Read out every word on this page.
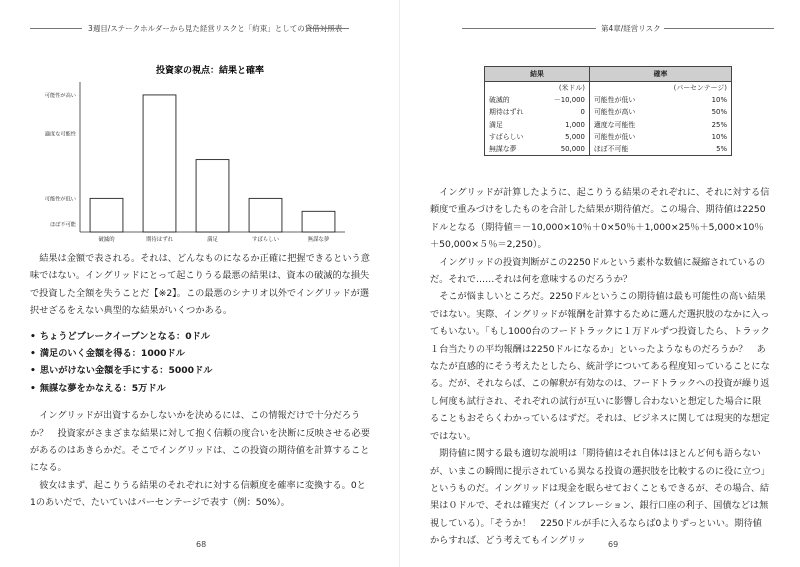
3週目/ステークホルダーから見た経営リスクと「約束」としての貸借対照表
投資家の視点：結果と確率
可能性が高い
適度な可能性
可能性が低い
ほぼ不可能
破滅的	期待はずれ	満足	すばらしい	無謀な夢

結果は金額で表される。それは、どんなものになるか正確に把握できるという意味ではない。イングリッドにとって起こりうる最悪の結果は、資本の破滅的な損失で投資した全額を失うことだ【※2】。この最悪のシナリオ以外でイングリッドが選択せざるをえない典型的な結果がいくつかある。

• ちょうどブレークイーブンとなる：0ドル
• 満足のいく金額を得る：1000ドル
• 思いがけない金額を手にする：5000ドル
• 無謀な夢をかなえる：5万ドル

イングリッドが出資するかしないかを決めるには、この情報だけで十分だろうか？　投資家がさまざまな結果に対して抱く信頼の度合いを決断に反映させる必要があるのはあきらかだ。そこでイングリッドは、この投資の期待値を計算することになる。

彼女はまず、起こりうる結果のそれぞれに対する信頼度を確率に変換する。0と1のあいだで、たいていはパーセンテージで表す（例：50%）。

68
第4章/経営リスク
69
結果		確率	
	(米ドル)		(パーセンテージ)
破滅的	－10,000	可能性が低い	10%
期待はずれ	0	可能性が高い	50%
満足	1,000	適度な可能性	25%
すばらしい	5,000	可能性が低い	10%
無謀な夢	50,000	ほぼ不可能	5%

イングリッドが計算したように、起こりうる結果のそれぞれに、それに対する信頼度で重みづけをしたものを合計した結果が期待値だ。この場合、期待値は2250ドルとなる（期待値＝－10,000×10％＋0×50％＋1,000×25％＋5,000×10％＋50,000×５％＝2,250）。

イングリッドの投資判断がこの2250ドルという素朴な数値に凝縮されているのだ。それで……それは何を意味するのだろうか？

そこが悩ましいところだ。2250ドルというこの期待値は最も可能性の高い結果ではない。実際、イングリッドが報酬を計算するために選んだ選択肢のなかに入ってもいない。「もし1000台のフードトラックに１万ドルずつ投資したら、トラック１台当たりの平均報酬は2250ドルになるか」といったようなものだろうか？　あなたが直感的にそう考えたとしたら、統計学についてある程度知っていることになる。だが、それならば、この解釈が有効なのは、フードトラックへの投資が繰り返し何度も試行され、それぞれの試行が互いに影響し合わないと想定した場合に限ることもおそらくわかっているはずだ。それは、ビジネスに関しては現実的な想定ではない。

期待値に関する最も適切な説明は「期待値はそれ自体はほとんど何も語らないが、いまこの瞬間に提示されている異なる投資の選択肢を比較するのに役に立つ」というものだ。イングリッドは現金を眠らせておくこともできるが、その場合、結果は０ドルで、それは確実だ（インフレーション、銀行口座の利子、国債などは無視している）。「そうか！　2250ドルが手に入るならば0よりずっといい。期待値からすれば、どう考えてもイングリッ
